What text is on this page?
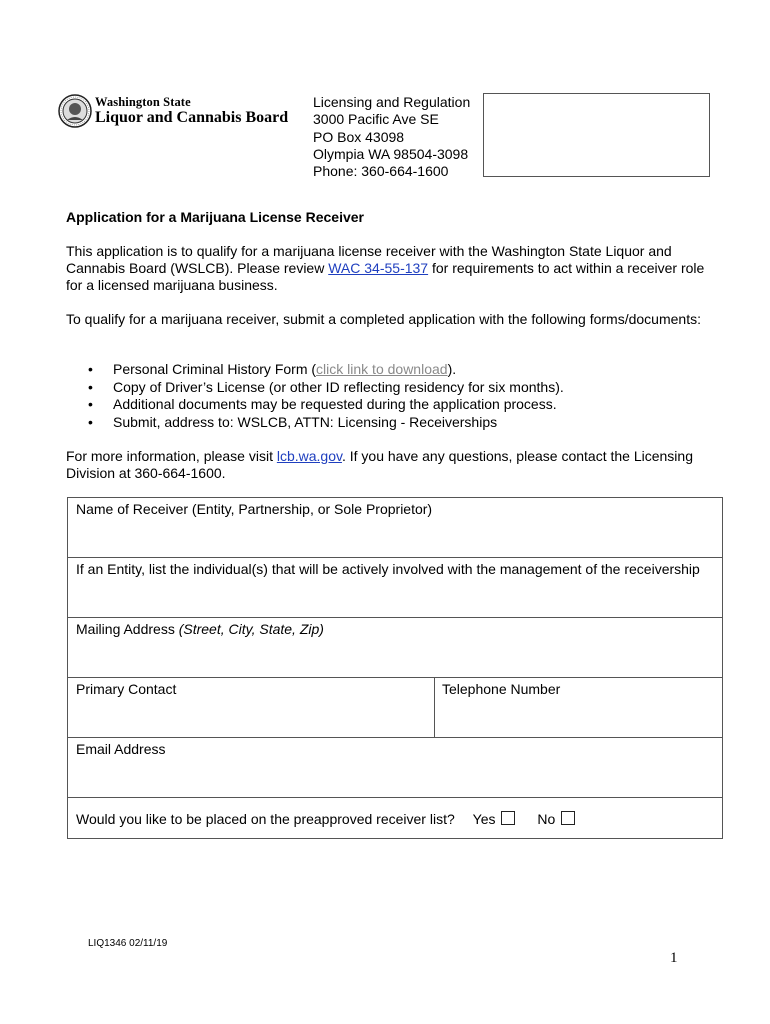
Washington State
Liquor and Cannabis Board
Licensing and Regulation
3000 Pacific Ave SE
PO Box 43098
Olympia WA 98504-3098
Phone: 360-664-1600
Application for a Marijuana License Receiver
This application is to qualify for a marijuana license receiver with the Washington State Liquor and Cannabis Board (WSLCB). Please review WAC 34-55-137 for requirements to act within a receiver role for a licensed marijuana business.
To qualify for a marijuana receiver, submit a completed application with the following forms/documents:
• Personal Criminal History Form (click link to download).
• Copy of Driver’s License (or other ID reflecting residency for six months).
• Additional documents may be requested during the application process.
• Submit, address to: WSLCB, ATTN: Licensing - Receiverships
For more information, please visit lcb.wa.gov. If you have any questions, please contact the Licensing Division at 360-664-1600.
Name of Receiver (Entity, Partnership, or Sole Proprietor)
If an Entity, list the individual(s) that will be actively involved with the management of the receivership
Mailing Address (Street, City, State, Zip)
Primary Contact	Telephone Number
Email Address
Would you like to be placed on the preapproved receiver list? Yes	No
LIQ1346 02/11/19
1
